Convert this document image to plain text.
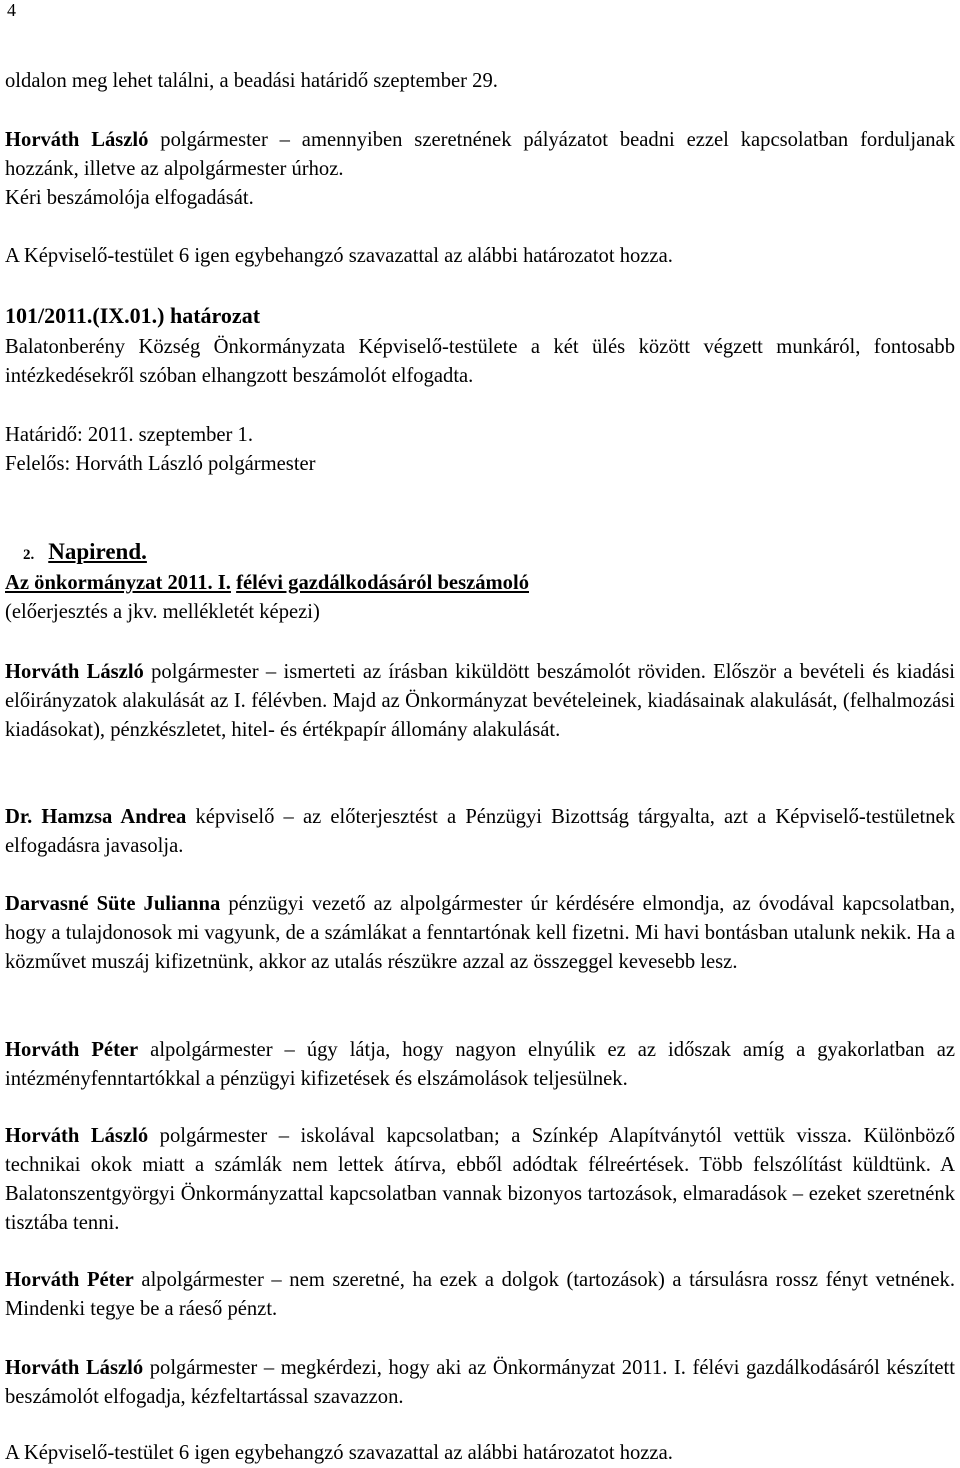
4
oldalon meg lehet találni, a beadási határidő szeptember 29.
Horváth László polgármester – amennyiben szeretnének pályázatot beadni ezzel kapcsolatban forduljanak hozzánk, illetve az alpolgármester úrhoz.
Kéri beszámolója elfogadását.
A Képviselő-testület 6 igen egybehangzó szavazattal az alábbi határozatot hozza.
101/2011.(IX.01.) határozat
Balatonberény Község Önkormányzata Képviselő-testülete a két ülés között végzett munkáról, fontosabb intézkedésekről szóban elhangzott beszámolót elfogadta.
Határidő: 2011. szeptember 1.
Felelős: Horváth László polgármester
2. Napirend.
Az önkormányzat 2011. I. félévi gazdálkodásáról beszámoló
(előerjesztés a jkv. mellékletét képezi)
Horváth László polgármester – ismerteti az írásban kiküldött beszámolót röviden. Először a bevételi és kiadási előirányzatok alakulását az I. félévben. Majd az Önkormányzat bevételeinek, kiadásainak alakulását, (felhalmozási kiadásokat), pénzkészletet, hitel- és értékpapír állomány alakulását.
Dr. Hamzsa Andrea képviselő – az előterjesztést a Pénzügyi Bizottság tárgyalta, azt a Képviselő-testületnek elfogadásra javasolja.
Darvasné Süte Julianna pénzügyi vezető az alpolgármester úr kérdésére elmondja, az óvodával kapcsolatban, hogy a tulajdonosok mi vagyunk, de a számlákat a fenntartónak kell fizetni. Mi havi bontásban utalunk nekik. Ha a közművet muszáj kifizetnünk, akkor az utalás részükre azzal az összeggel kevesebb lesz.
Horváth Péter alpolgármester – úgy látja, hogy nagyon elnyúlik ez az időszak amíg a gyakorlatban az intézményfenntartókkal a pénzügyi kifizetések és elszámolások teljesülnek.
Horváth László polgármester – iskolával kapcsolatban; a Színkép Alapítványtól vettük vissza. Különböző technikai okok miatt a számlák nem lettek átírva, ebből adódtak félreértések. Több felszólítást küldtünk. A Balatonszentgyörgyi Önkormányzattal kapcsolatban vannak bizonyos tartozások, elmaradások – ezeket szeretnénk tisztába tenni.
Horváth Péter alpolgármester – nem szeretné, ha ezek a dolgok (tartozások) a társulásra rossz fényt vetnének. Mindenki tegye be a ráeső pénzt.
Horváth László polgármester – megkérdezi, hogy aki az Önkormányzat 2011. I. félévi gazdálkodásáról készített beszámolót elfogadja, kézfeltartással szavazzon.
A Képviselő-testület 6 igen egybehangzó szavazattal az alábbi határozatot hozza.
